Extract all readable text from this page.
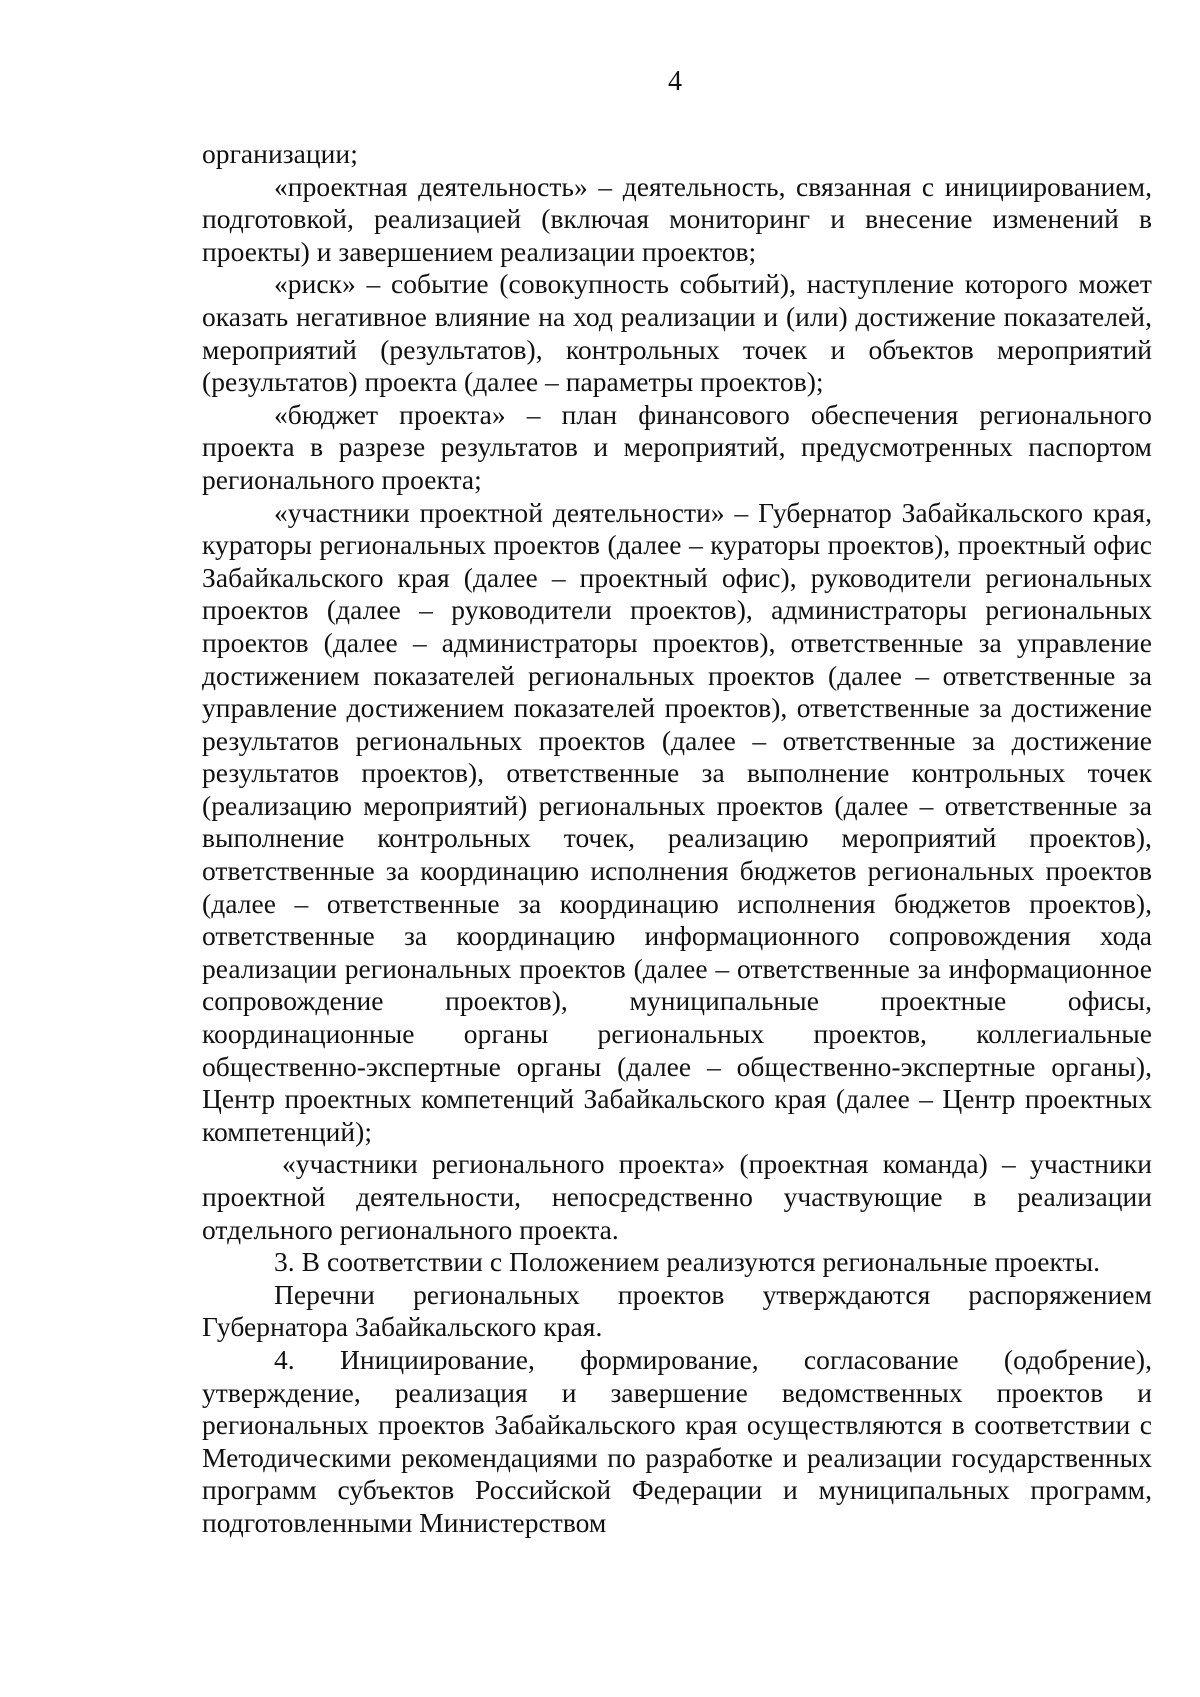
4

организации;

«проектная деятельность» – деятельность, связанная с инициированием, подготовкой, реализацией (включая мониторинг и внесение изменений в проекты) и завершением реализации проектов;

«риск» – событие (совокупность событий), наступление которого может оказать негативное влияние на ход реализации и (или) достижение показателей, мероприятий (результатов), контрольных точек и объектов мероприятий (результатов) проекта (далее – параметры проектов);

«бюджет проекта» – план финансового обеспечения регионального проекта в разрезе результатов и мероприятий, предусмотренных паспортом регионального проекта;

«участники проектной деятельности» – Губернатор Забайкальского края, кураторы региональных проектов (далее – кураторы проектов), проектный офис Забайкальского края (далее – проектный офис), руководители региональных проектов (далее – руководители проектов), администраторы региональных проектов (далее – администраторы проектов), ответственные за управление достижением показателей региональных проектов (далее – ответственные за управление достижением показателей проектов), ответственные за достижение результатов региональных проектов (далее – ответственные за достижение результатов проектов), ответственные за выполнение контрольных точек (реализацию мероприятий) региональных проектов (далее – ответственные за выполнение контрольных точек, реализацию мероприятий проектов), ответственные за координацию исполнения бюджетов региональных проектов (далее – ответственные за координацию исполнения бюджетов проектов), ответственные за координацию информационного сопровождения хода реализации региональных проектов (далее – ответственные за информационное сопровождение проектов), муниципальные проектные офисы, координационные органы региональных проектов, коллегиальные общественно-экспертные органы (далее – общественно-экспертные органы), Центр проектных компетенций Забайкальского края (далее – Центр проектных компетенций);

«участники регионального проекта» (проектная команда) – участники проектной деятельности, непосредственно участвующие в реализации отдельного регионального проекта.

3. В соответствии с Положением реализуются региональные проекты.

Перечни региональных проектов утверждаются распоряжением Губернатора Забайкальского края.

4. Инициирование, формирование, согласование (одобрение), утверждение, реализация и завершение ведомственных проектов и региональных проектов Забайкальского края осуществляются в соответствии с Методическими рекомендациями по разработке и реализации государственных программ субъектов Российской Федерации и муниципальных программ, подготовленными Министерством
